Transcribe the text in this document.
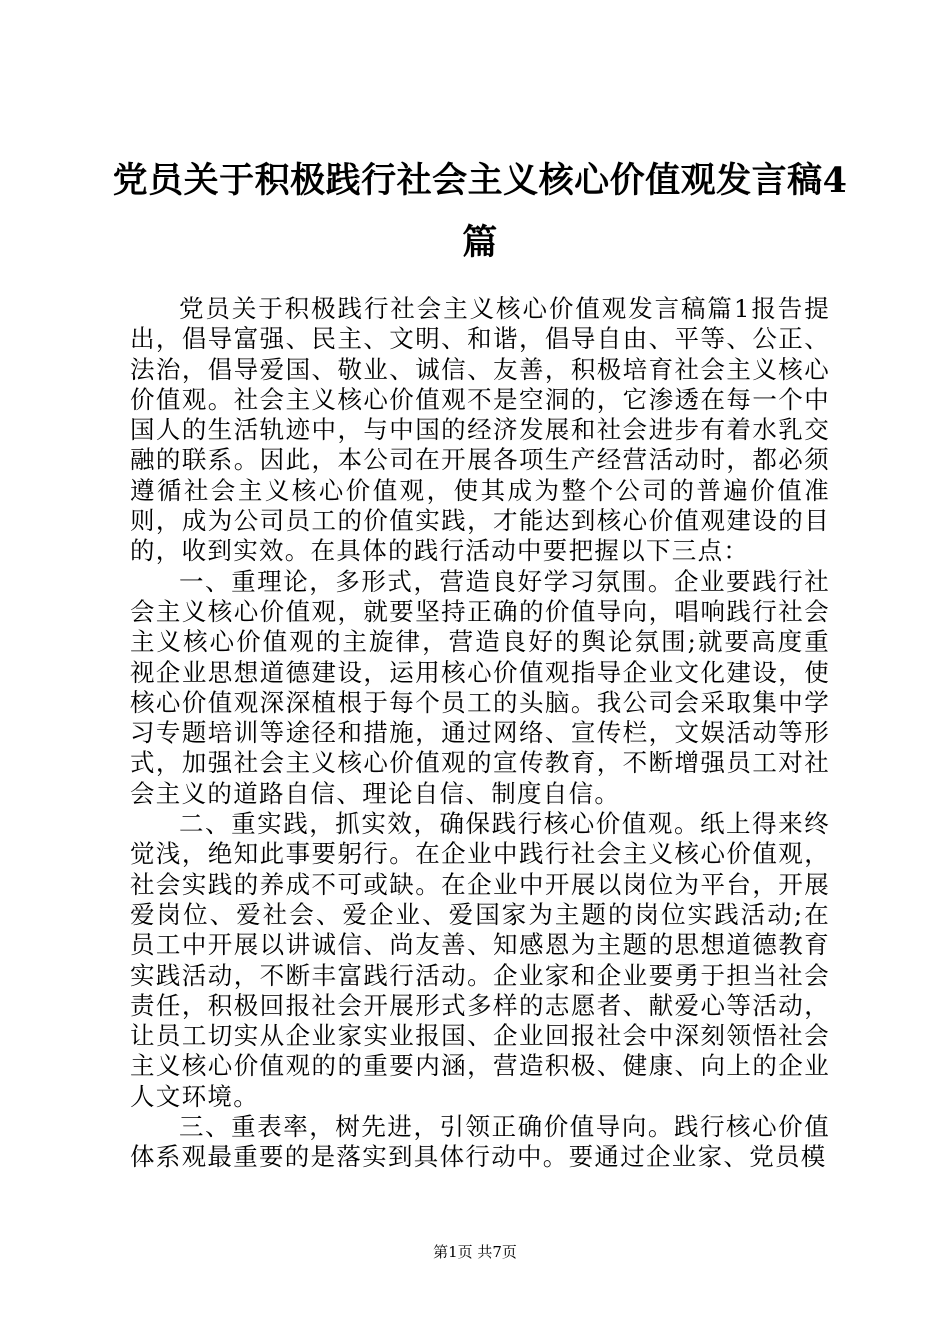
党员关于积极践行社会主义核心价值观发言稿4篇

党员关于积极践行社会主义核心价值观发言稿篇1报告提出，倡导富强、民主、文明、和谐，倡导自由、平等、公正、法治，倡导爱国、敬业、诚信、友善，积极培育社会主义核心价值观。社会主义核心价值观不是空洞的，它渗透在每一个中国人的生活轨迹中，与中国的经济发展和社会进步有着水乳交融的联系。因此，本公司在开展各项生产经营活动时，都必须遵循社会主义核心价值观，使其成为整个公司的普遍价值准则，成为公司员工的价值实践，才能达到核心价值观建设的目的，收到实效。在具体的践行活动中要把握以下三点：

一、重理论，多形式，营造良好学习氛围。企业要践行社会主义核心价值观，就要坚持正确的价值导向，唱响践行社会主义核心价值观的主旋律，营造良好的舆论氛围;就要高度重视企业思想道德建设，运用核心价值观指导企业文化建设，使核心价值观深深植根于每个员工的头脑。我公司会采取集中学习专题培训等途径和措施，通过网络、宣传栏，文娱活动等形式，加强社会主义核心价值观的宣传教育，不断增强员工对社会主义的道路自信、理论自信、制度自信。

二、重实践，抓实效，确保践行核心价值观。纸上得来终觉浅，绝知此事要躬行。在企业中践行社会主义核心价值观，社会实践的养成不可或缺。在企业中开展以岗位为平台，开展爱岗位、爱社会、爱企业、爱国家为主题的岗位实践活动;在员工中开展以讲诚信、尚友善、知感恩为主题的思想道德教育实践活动，不断丰富践行活动。企业家和企业要勇于担当社会责任，积极回报社会开展形式多样的志愿者、献爱心等活动，让员工切实从企业家实业报国、企业回报社会中深刻领悟社会主义核心价值观的的重要内涵，营造积极、健康、向上的企业人文环境。

三、重表率，树先进，引领正确价值导向。践行核心价值体系观最重要的是落实到具体行动中。要通过企业家、党员模

第1页 共7页
